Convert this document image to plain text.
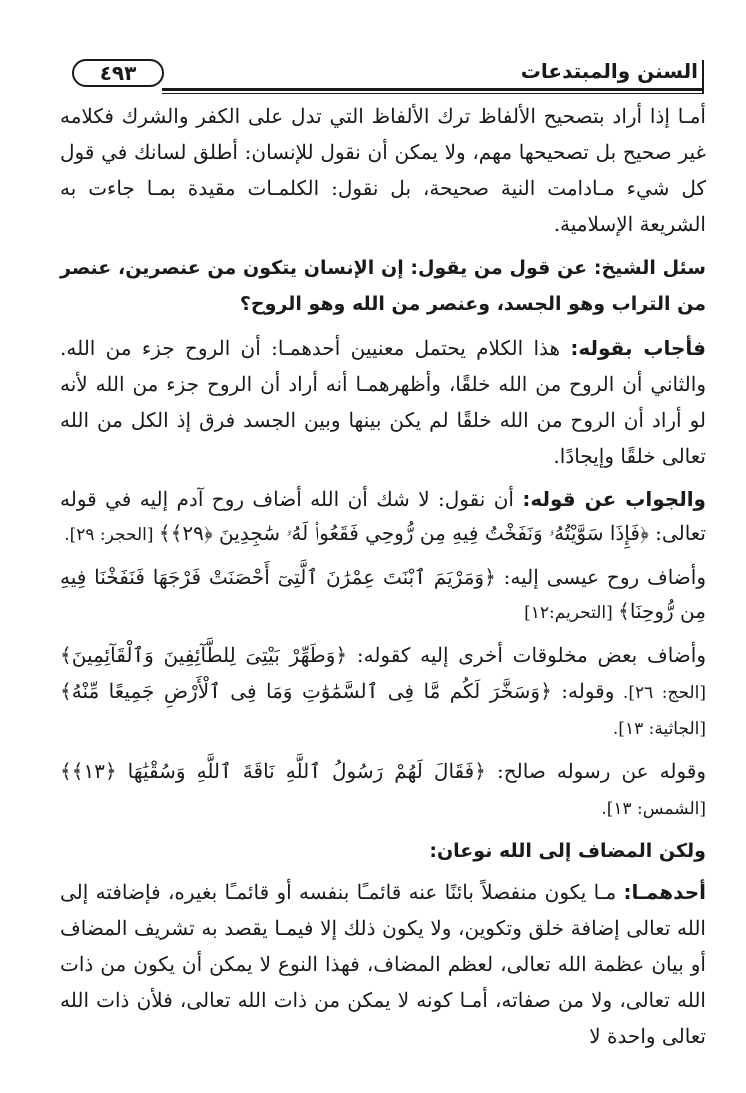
٤٩٣	السنن والمبتدعات

أمـا إذا أراد بتصحيح الألفاظ ترك الألفاظ التي تدل على الكفر والشرك فكلامه غير صحيح بل تصحيحها مهم، ولا يمكن أن نقول للإنسان: أطلق لسانك في قول كل شيء مـادامت النية صحيحة، بل نقول: الكلمـات مقيدة بمـا جاءت به الشريعة الإسلامية.

سئل الشيخ: عن قول من يقول: إن الإنسان يتكون من عنصرين، عنصر من التراب وهو الجسد، وعنصر من الله وهو الروح؟

فأجاب بقوله: هذا الكلام يحتمل معنيين أحدهمـا: أن الروح جزء من الله. والثاني أن الروح من الله خلقًا، وأظهرهمـا أنه أراد أن الروح جزء من الله لأنه لو أراد أن الروح من الله خلقًا لم يكن بينها وبين الجسد فرق إذ الكل من الله تعالى خلقًا وإيجادًا.

والجواب عن قوله: أن نقول: لا شك أن الله أضاف روح آدم إليه في قوله تعالى: ﴿فَإِذَا سَوَّيْتُهُۥ وَنَفَخْتُ فِيهِ مِن رُّوحِي فَقَعُوا۟ لَهُۥ سَٰجِدِينَ ﴿٢٩﴾﴾ [الحجر: ٢٩].

وأضاف روح عيسى إليه: ﴿وَمَرْيَمَ ٱبْنَتَ عِمْرَٰنَ ٱلَّتِىٓ أَحْصَنَتْ فَرْجَهَا فَنَفَخْنَا فِيهِ مِن رُّوحِنَا﴾ [التحريم:١٢]

وأضاف بعض مخلوقات أخرى إليه كقوله: ﴿وَطَهِّرْ بَيْتِىَ لِلطَّآئِفِينَ وَٱلْقَآئِمِينَ﴾ [الحج: ٢٦]. وقوله: ﴿وَسَخَّرَ لَكُم مَّا فِى ٱلسَّمَٰوَٰتِ وَمَا فِى ٱلْأَرْضِ جَمِيعًا مِّنْهُ﴾ [الجاثية: ١٣].

وقوله عن رسوله صالح: ﴿فَقَالَ لَهُمْ رَسُولُ ٱللَّهِ نَاقَةَ ٱللَّهِ وَسُقْيَٰهَا ﴿١٣﴾﴾ [الشمس: ١٣].

ولكن المضاف إلى الله نوعان:

أحدهمـا: مـا يكون منفصلاً بائنًا عنه قائمـًا بنفسه أو قائمـًا بغيره، فإضافته إلى الله تعالى إضافة خلق وتكوين، ولا يكون ذلك إلا فيمـا يقصد به تشريف المضاف أو بيان عظمة الله تعالى، لعظم المضاف، فهذا النوع لا يمكن أن يكون من ذات الله تعالى، ولا من صفاته، أمـا كونه لا يمكن من ذات الله تعالى، فلأن ذات الله تعالى واحدة لا
